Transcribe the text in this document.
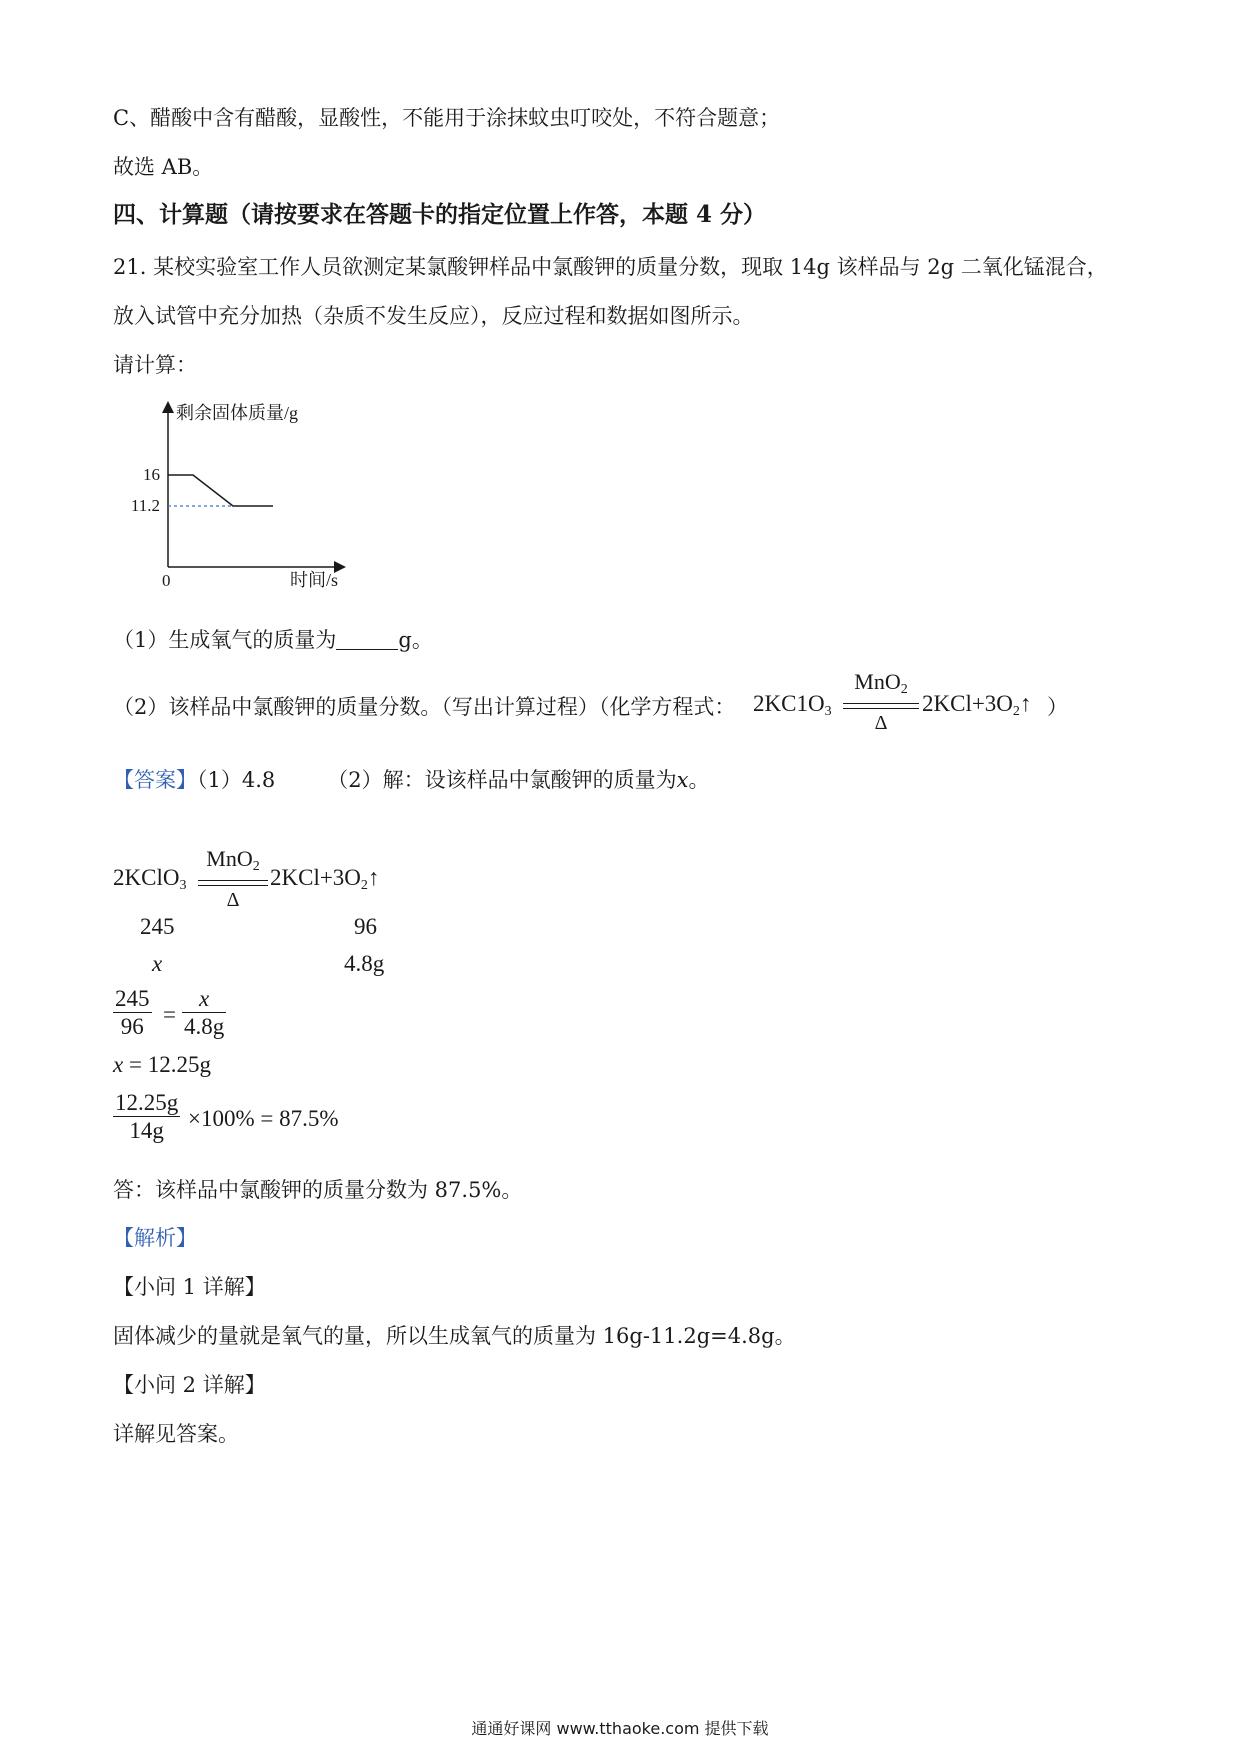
C、醋酸中含有醋酸，显酸性，不能用于涂抹蚊虫叮咬处，不符合题意；
故选 AB。
四、计算题（请按要求在答题卡的指定位置上作答，本题 4 分）
21. 某校实验室工作人员欲测定某氯酸钾样品中氯酸钾的质量分数，现取 14g 该样品与 2g 二氧化锰混合，
放入试管中充分加热（杂质不发生反应），反应过程和数据如图所示。
请计算：
剩余固体质量/g
时间/s
0
16
11.2
（1）生成氧气的质量为	g。
（2）该样品中氯酸钾的质量分数。（写出计算过程）（化学方程式： $2KC1O_3$
MnO$_2$
Δ
$2KCl+3O_2↑$ ）
【答案】（1）4.8 （2）解：设该样品中氯酸钾的质量为x。
2KClO$_3$
MnO$_2$
Δ
$2KCl+3O_2↑$
245	96
x	4.8g
245
96 =
x
4.8g
x = 12.25g
12.25g
14g ×100% = 87.5%
答：该样品中氯酸钾的质量分数为 87.5%。
【解析】
【小问 1 详解】
固体减少的量就是氧气的量，所以生成氧气的质量为 16g-11.2g=4.8g。
【小问 2 详解】
详解见答案。
通通好课网 www.tthaoke.com 提供下载
